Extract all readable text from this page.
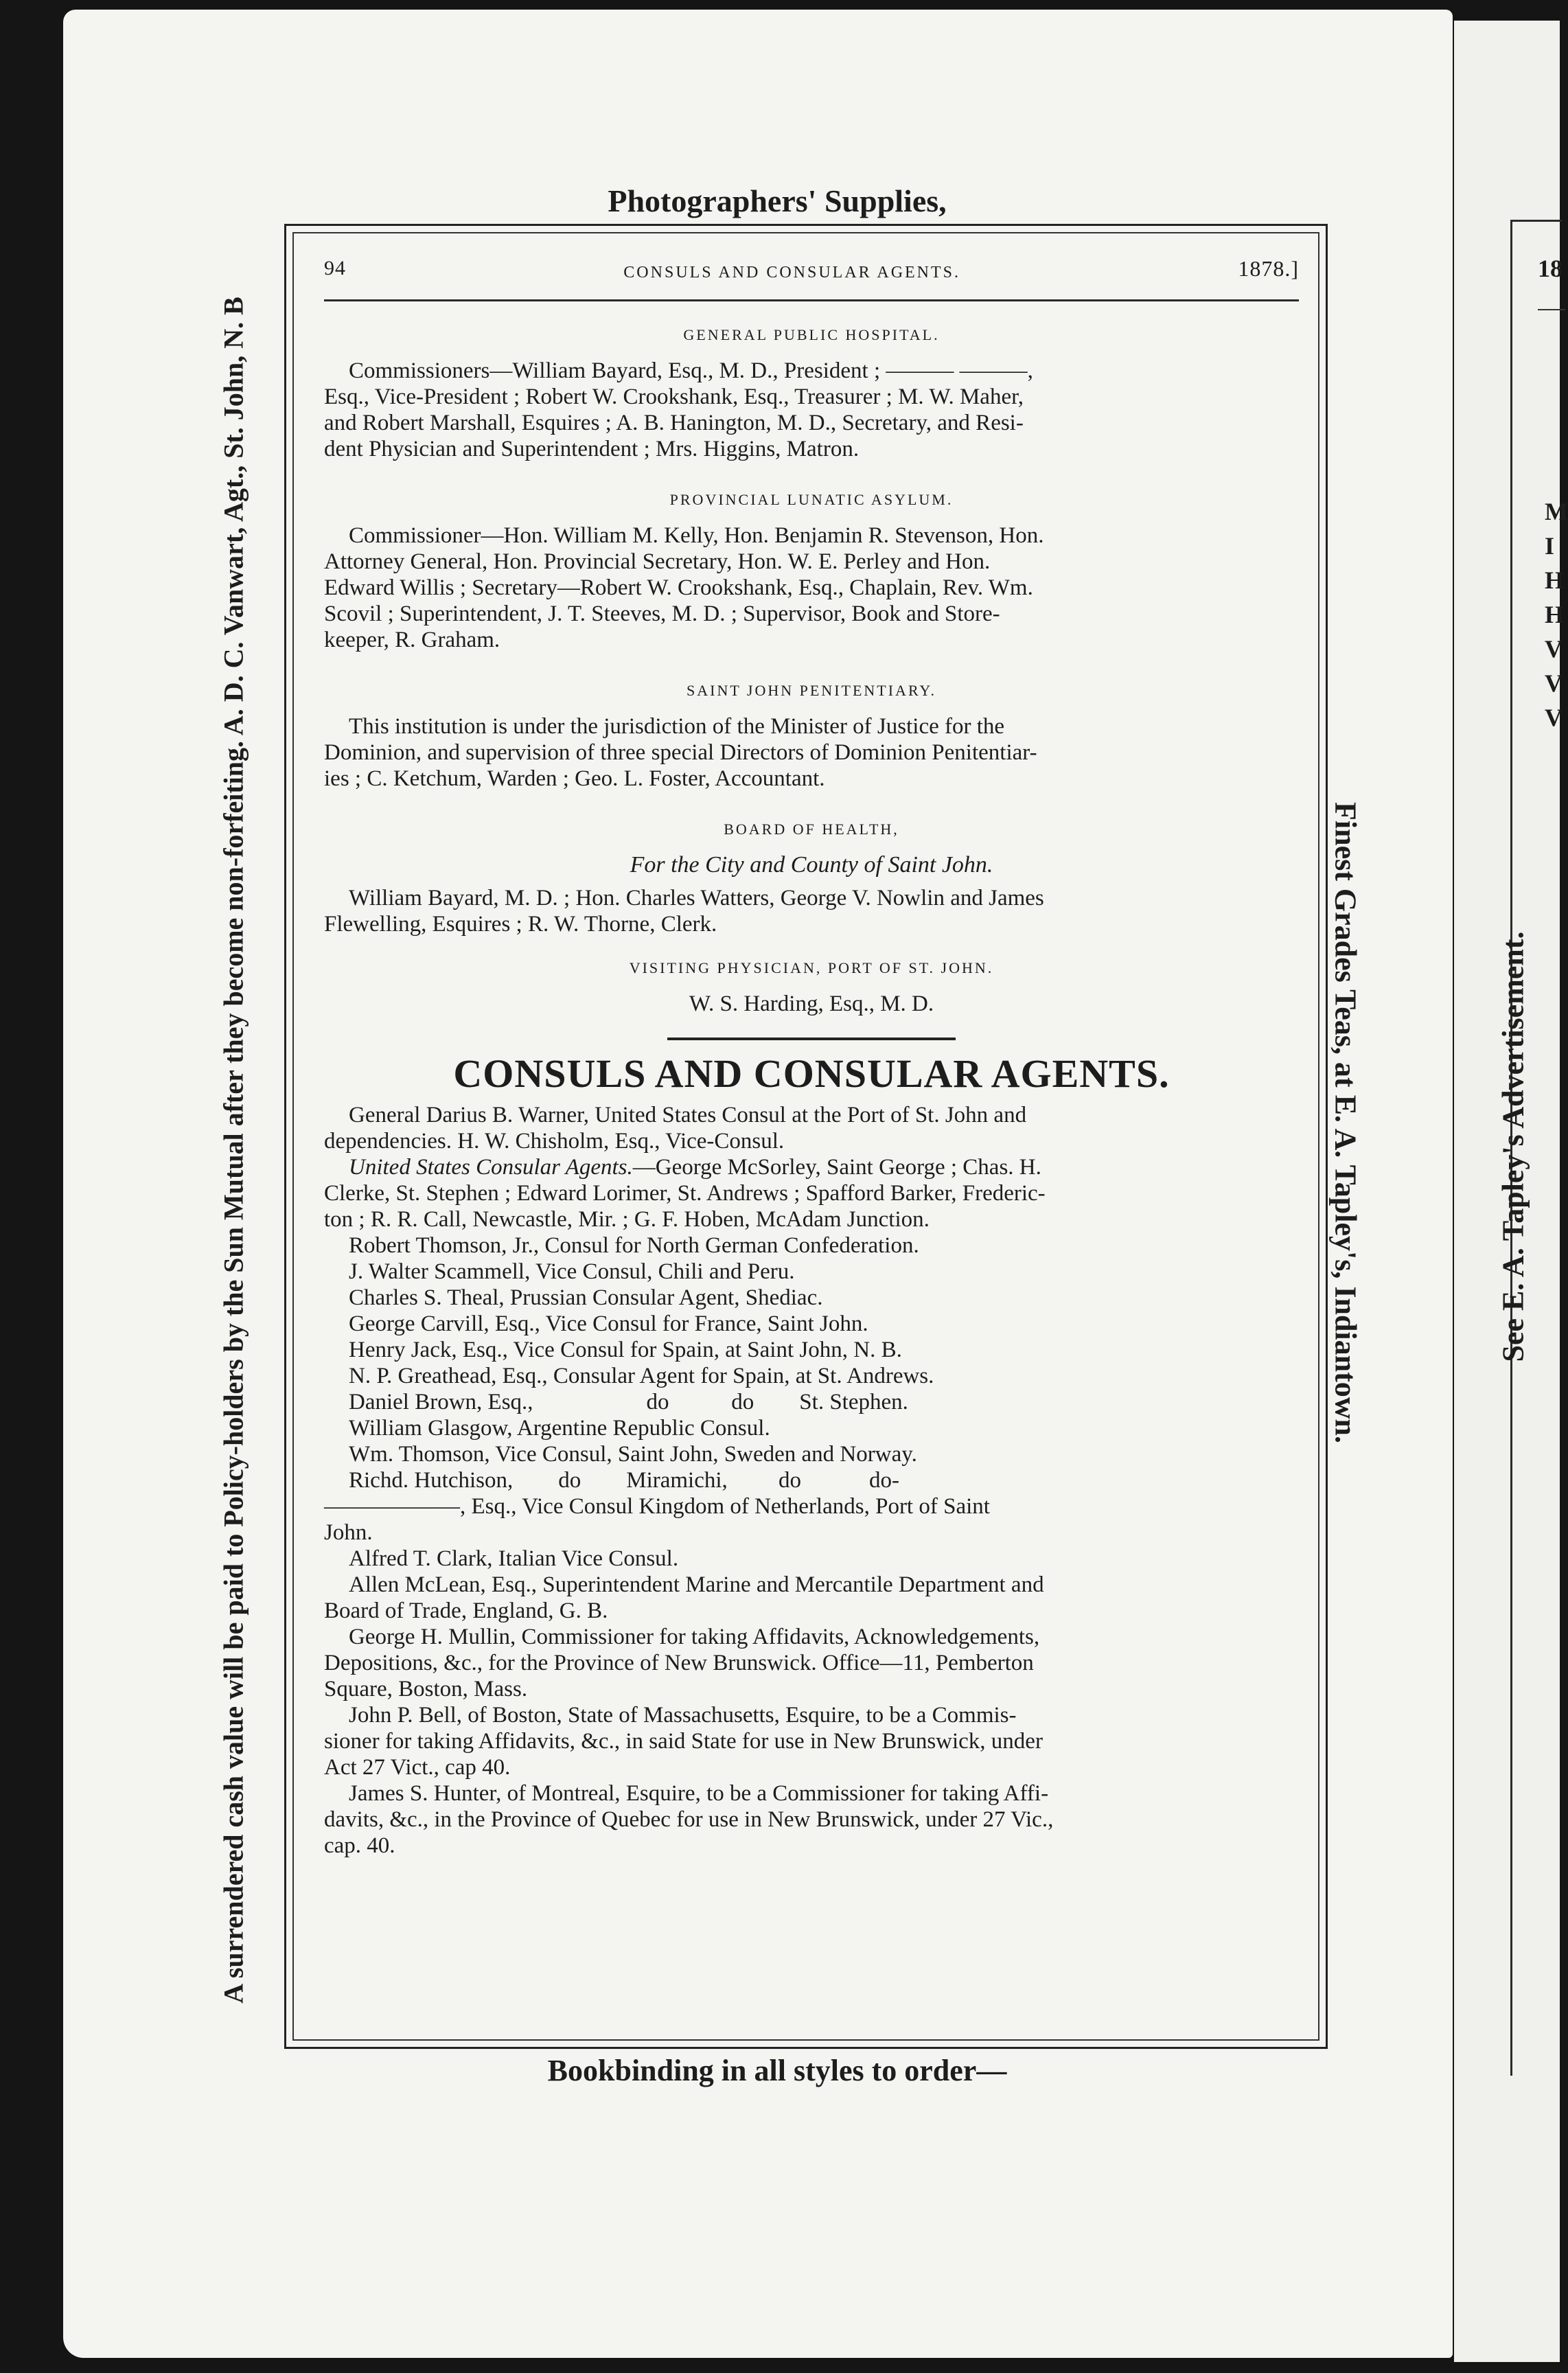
18
M
I
H
H
V
V
V
Photographers' Supplies,
Bookbinding in all styles to order—
A surrendered cash value will be paid to Policy-holders by the Sun Mutual after they become non-forfeiting. A. D. C. Vanwart, Agt., St. John, N. B	Finest Grades Teas, at E. A. Tapley's, Indiantown.	See E. A. Tapley's Advertisement.
94	CONSULS AND CONSULAR AGENTS.	1878.]
GENERAL PUBLIC HOSPITAL.

Commissioners—William Bayard, Esq., M. D., President ; ——— ———,

Esq., Vice-President ; Robert W. Crookshank, Esq., Treasurer ; M. W. Maher,

and Robert Marshall, Esquires ; A. B. Hanington, M. D., Secretary, and Resi-

dent Physician and Superintendent ; Mrs. Higgins, Matron.

PROVINCIAL LUNATIC ASYLUM.

Commissioner—Hon. William M. Kelly, Hon. Benjamin R. Stevenson, Hon.

Attorney General, Hon. Provincial Secretary, Hon. W. E. Perley and Hon.

Edward Willis ; Secretary—Robert W. Crookshank, Esq., Chaplain, Rev. Wm.

Scovil ; Superintendent, J. T. Steeves, M. D. ; Supervisor, Book and Store-

keeper, R. Graham.

SAINT JOHN PENITENTIARY.

This institution is under the jurisdiction of the Minister of Justice for the

Dominion, and supervision of three special Directors of Dominion Penitentiar-

ies ; C. Ketchum, Warden ; Geo. L. Foster, Accountant.

BOARD OF HEALTH,
For the City and County of Saint John.

William Bayard, M. D. ; Hon. Charles Watters, George V. Nowlin and James

Flewelling, Esquires ; R. W. Thorne, Clerk.

VISITING PHYSICIAN, PORT OF ST. JOHN.
W. S. Harding, Esq., M. D.
CONSULS AND CONSULAR AGENTS.

General Darius B. Warner, United States Consul at the Port of St. John and

dependencies. H. W. Chisholm, Esq., Vice-Consul.

United States Consular Agents.—George McSorley, Saint George ; Chas. H.

Clerke, St. Stephen ; Edward Lorimer, St. Andrews ; Spafford Barker, Frederic-

ton ; R. R. Call, Newcastle, Mir. ; G. F. Hoben, McAdam Junction.

Robert Thomson, Jr., Consul for North German Confederation.

J. Walter Scammell, Vice Consul, Chili and Peru.

Charles S. Theal, Prussian Consular Agent, Shediac.

George Carvill, Esq., Vice Consul for France, Saint John.

Henry Jack, Esq., Vice Consul for Spain, at Saint John, N. B.

N. P. Greathead, Esq., Consular Agent for Spain, at St. Andrews.

Daniel Brown, Esq.,                    do           do        St. Stephen.

William Glasgow, Argentine Republic Consul.

Wm. Thomson, Vice Consul, Saint John, Sweden and Norway.

Richd. Hutchison,        do        Miramichi,         do            do-

——————, Esq., Vice Consul Kingdom of Netherlands, Port of Saint

John.

Alfred T. Clark, Italian Vice Consul.

Allen McLean, Esq., Superintendent Marine and Mercantile Department and

Board of Trade, England, G. B.

George H. Mullin, Commissioner for taking Affidavits, Acknowledgements,

Depositions, &c., for the Province of New Brunswick. Office—11, Pemberton

Square, Boston, Mass.

John P. Bell, of Boston, State of Massachusetts, Esquire, to be a Commis-

sioner for taking Affidavits, &c., in said State for use in New Brunswick, under

Act 27 Vict., cap 40.

James S. Hunter, of Montreal, Esquire, to be a Commissioner for taking Affi-

davits, &c., in the Province of Quebec for use in New Brunswick, under 27 Vic.,

cap. 40.
